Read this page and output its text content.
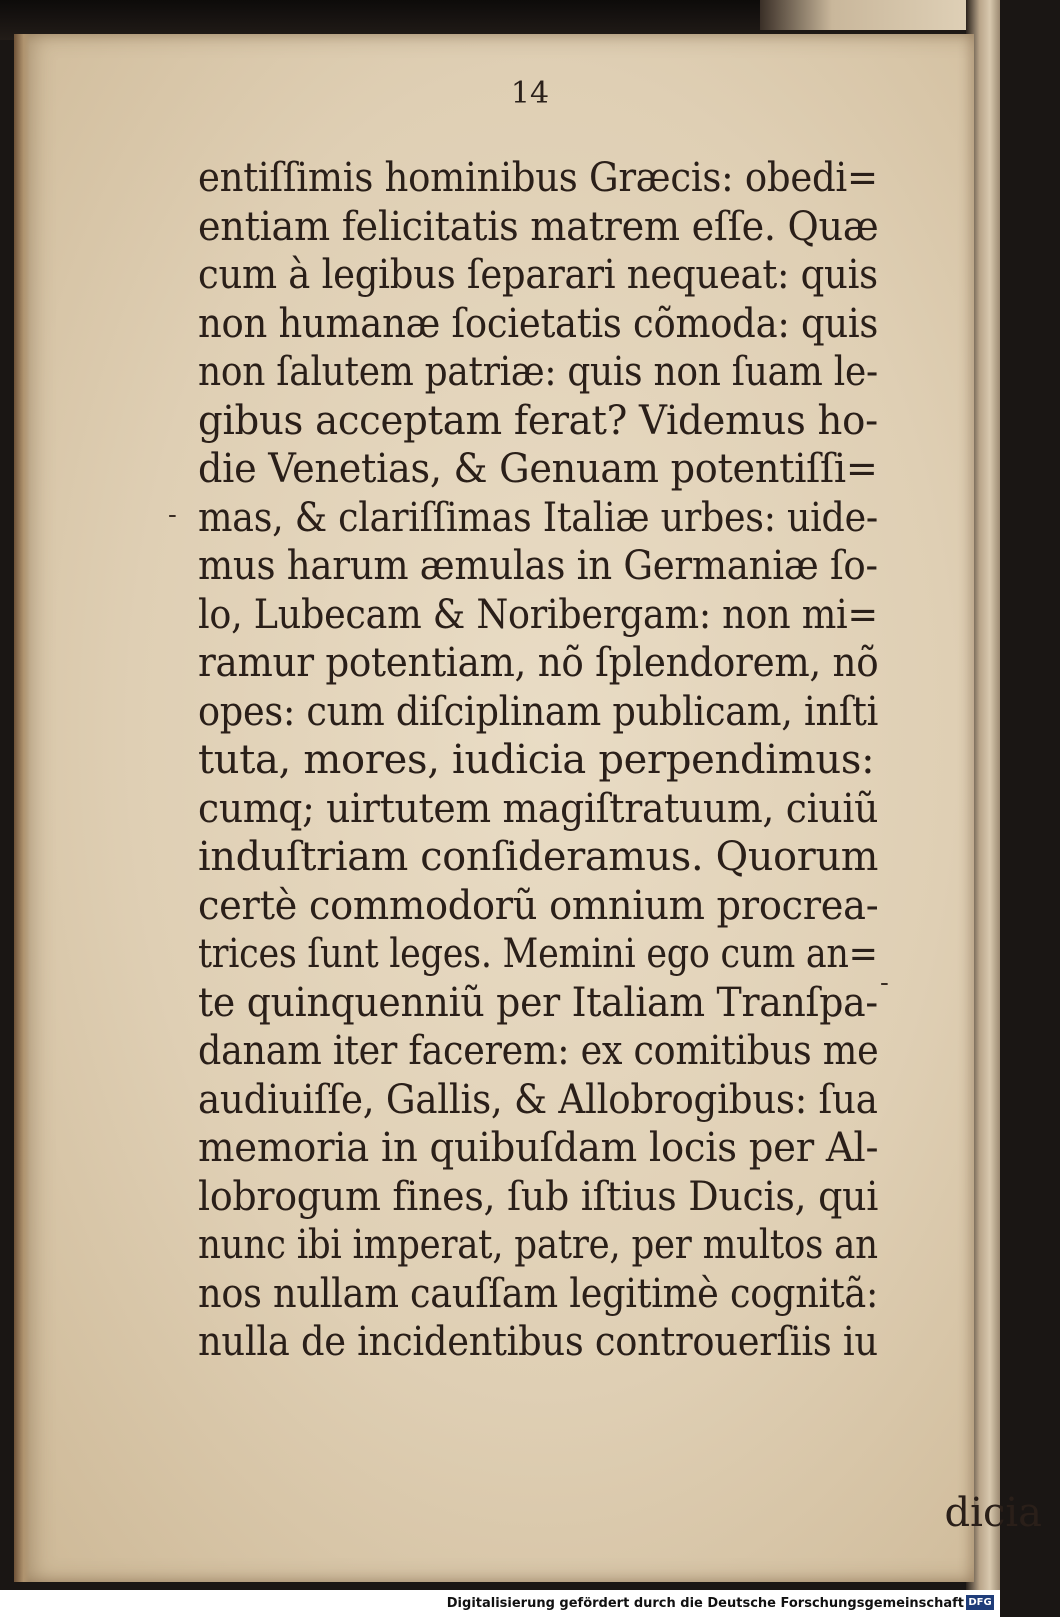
14
entiſſimis hominibus Græcis: obedi=
entiam felicitatis matrem eſſe. Quæ
cum à legibus ſeparari nequeat: quis
non humanæ ſocietatis cõmoda: quis
non ſalutem patriæ: quis non ſuam le-
gibus acceptam ferat? Videmus ho-
die Venetias, & Genuam potentiſſi=
mas, & clariſſimas Italiæ urbes: uide-
mus harum æmulas in Germaniæ ſo-
lo, Lubecam & Noribergam: non mi=
ramur potentiam, nõ ſplendorem, nõ
opes: cum diſciplinam publicam, inſti
tuta, mores, iudicia perpendimus:
cumq; uirtutem magiſtratuum, ciuiũ
induſtriam conſideramus. Quorum
certè commodorũ omnium procrea-
trices ſunt leges. Memini ego cum an=
te quinquenniũ per Italiam Tranſpa-
danam iter facerem: ex comitibus me
audiuiſſe, Gallis, & Allobrogibus: ſua
memoria in quibuſdam locis per Al-
lobrogum fines, ſub iſtius Ducis, qui
nunc ibi imperat, patre, per multos an
nos nullam cauſſam legitimè cognitã:
nulla de incidentibus controuerſiis iu
dicia
-
-
Digitalisierung gefördert durch die Deutsche Forschungsgemeinschaft DFG
